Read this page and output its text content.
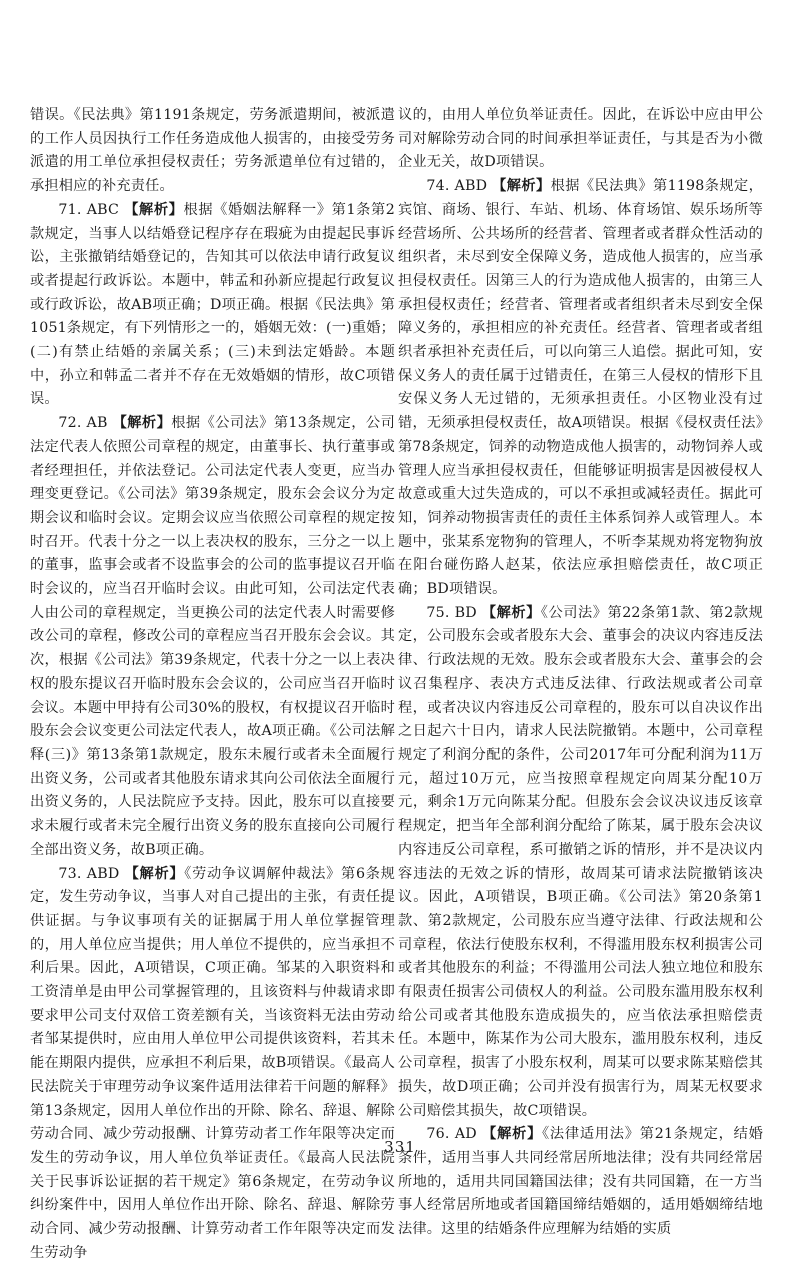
错误。《民法典》第1191条规定，劳务派遣期间，被派遣的工作人员因执行工作任务造成他人损害的，由接受劳务派遣的用工单位承担侵权责任；劳务派遣单位有过错的，承担相应的补充责任。

71. ABC 【解析】根据《婚姻法解释一》第1条第2款规定，当事人以结婚登记程序存在瑕疵为由提起民事诉讼，主张撤销结婚登记的，告知其可以依法申请行政复议或者提起行政诉讼。本题中，韩孟和孙新应提起行政复议或行政诉讼，故AB项正确；D项正确。根据《民法典》第1051条规定，有下列情形之一的，婚姻无效：(一)重婚；(二)有禁止结婚的亲属关系；(三)未到法定婚龄。本题中，孙立和韩孟二者并不存在无效婚姻的情形，故C项错误。

72. AB 【解析】根据《公司法》第13条规定，公司法定代表人依照公司章程的规定，由董事长、执行董事或者经理担任，并依法登记。公司法定代表人变更，应当办理变更登记。《公司法》第39条规定，股东会会议分为定期会议和临时会议。定期会议应当依照公司章程的规定按时召开。代表十分之一以上表决权的股东，三分之一以上的董事，监事会或者不设监事会的公司的监事提议召开临时会议的，应当召开临时会议。由此可知，公司法定代表人由公司的章程规定，当更换公司的法定代表人时需要修改公司的章程，修改公司的章程应当召开股东会会议。其次，根据《公司法》第39条规定，代表十分之一以上表决权的股东提议召开临时股东会会议的，公司应当召开临时会议。本题中甲持有公司30%的股权，有权提议召开临时股东会会议变更公司法定代表人，故A项正确。《公司法解释(三)》第13条第1款规定，股东未履行或者未全面履行出资义务，公司或者其他股东请求其向公司依法全面履行出资义务的，人民法院应予支持。因此，股东可以直接要求未履行或者未完全履行出资义务的股东直接向公司履行全部出资义务，故B项正确。

73. ABD 【解析】《劳动争议调解仲裁法》第6条规定，发生劳动争议，当事人对自己提出的主张，有责任提供证据。与争议事项有关的证据属于用人单位掌握管理的，用人单位应当提供；用人单位不提供的，应当承担不利后果。因此，A项错误，C项正确。邹某的入职资料和工资清单是由甲公司掌握管理的，且该资料与仲裁请求即要求甲公司支付双倍工资差额有关，当该资料无法由劳动者邹某提供时，应由用人单位甲公司提供该资料，若其未能在期限内提供，应承担不利后果，故B项错误。《最高人民法院关于审理劳动争议案件适用法律若干问题的解释》第13条规定，因用人单位作出的开除、除名、辞退、解除劳动合同、减少劳动报酬、计算劳动者工作年限等决定而发生的劳动争议，用人单位负举证责任。《最高人民法院关于民事诉讼证据的若干规定》第6条规定，在劳动争议纠纷案件中，因用人单位作出开除、除名、辞退、解除劳动合同、减少劳动报酬、计算劳动者工作年限等决定而发生劳动争

议的，由用人单位负举证责任。因此，在诉讼中应由甲公司对解除劳动合同的时间承担举证责任，与其是否为小微企业无关，故D项错误。

74. ABD 【解析】根据《民法典》第1198条规定，宾馆、商场、银行、车站、机场、体育场馆、娱乐场所等经营场所、公共场所的经营者、管理者或者群众性活动的组织者，未尽到安全保障义务，造成他人损害的，应当承担侵权责任。因第三人的行为造成他人损害的，由第三人承担侵权责任；经营者、管理者或者组织者未尽到安全保障义务的，承担相应的补充责任。经营者、管理者或者组织者承担补充责任后，可以向第三人追偿。据此可知，安保义务人的责任属于过错责任，在第三人侵权的情形下且安保义务人无过错的，无须承担责任。小区物业没有过错，无须承担侵权责任，故A项错误。根据《侵权责任法》第78条规定，饲养的动物造成他人损害的，动物饲养人或管理人应当承担侵权责任，但能够证明损害是因被侵权人故意或重大过失造成的，可以不承担或减轻责任。据此可知，饲养动物损害责任的责任主体系饲养人或管理人。本题中，张某系宠物狗的管理人，不听李某规劝将宠物狗放在阳台碰伤路人赵某，依法应承担赔偿责任，故C项正确；BD项错误。

75. BD 【解析】《公司法》第22条第1款、第2款规定，公司股东会或者股东大会、董事会的决议内容违反法律、行政法规的无效。股东会或者股东大会、董事会的会议召集程序、表决方式违反法律、行政法规或者公司章程，或者决议内容违反公司章程的，股东可以自决议作出之日起六十日内，请求人民法院撤销。本题中，公司章程规定了利润分配的条件，公司2017年可分配利润为11万元，超过10万元，应当按照章程规定向周某分配10万元，剩余1万元向陈某分配。但股东会会议决议违反该章程规定，把当年全部利润分配给了陈某，属于股东会决议内容违反公司章程，系可撤销之诉的情形，并不是决议内容违法的无效之诉的情形，故周某可请求法院撤销该决议。因此，A项错误，B项正确。《公司法》第20条第1款、第2款规定，公司股东应当遵守法律、行政法规和公司章程，依法行使股东权利，不得滥用股东权利损害公司或者其他股东的利益；不得滥用公司法人独立地位和股东有限责任损害公司债权人的利益。公司股东滥用股东权利给公司或者其他股东造成损失的，应当依法承担赔偿责任。本题中，陈某作为公司大股东，滥用股东权利，违反公司章程，损害了小股东权利，周某可以要求陈某赔偿其损失，故D项正确；公司并没有损害行为，周某无权要求公司赔偿其损失，故C项错误。

76. AD 【解析】《法律适用法》第21条规定，结婚条件，适用当事人共同经常居所地法律；没有共同经常居所地的，适用共同国籍国法律；没有共同国籍，在一方当事人经常居所地或者国籍国缔结婚姻的，适用婚姻缔结地法律。这里的结婚条件应理解为结婚的实质

331
